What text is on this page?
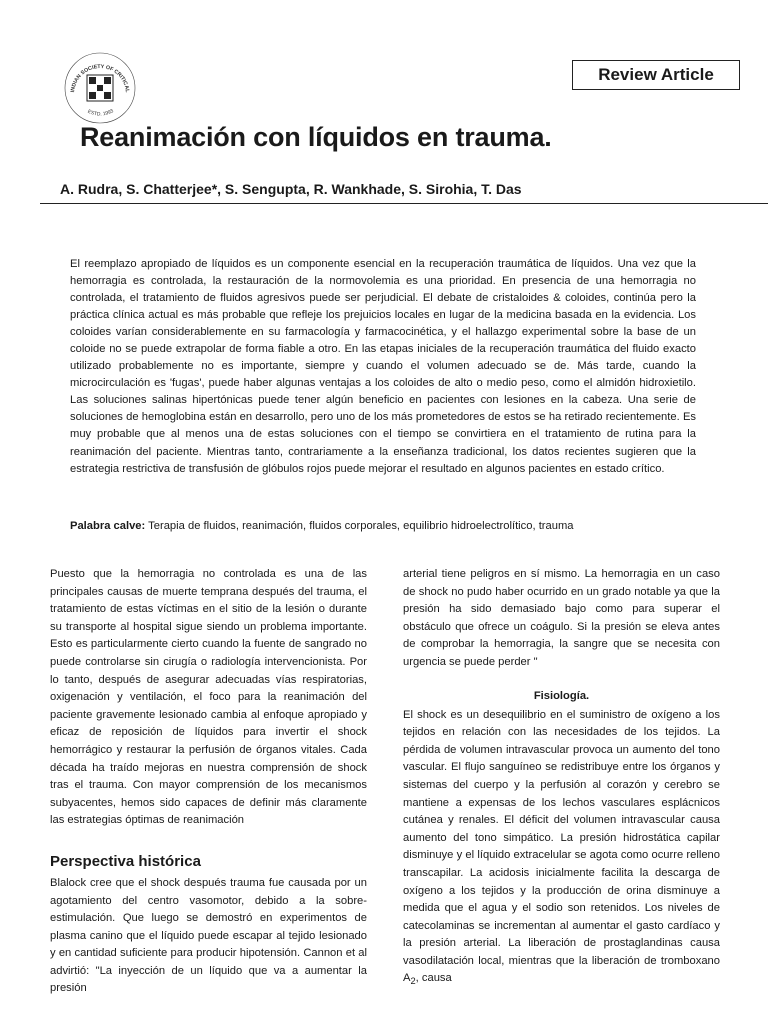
INDIAN SOCIETY OF CRITICAL
ESTD. 1993
Review Article
Reanimación con líquidos en trauma.
A. Rudra, S. Chatterjee*, S. Sengupta, R. Wankhade, S. Sirohia, T. Das

El reemplazo apropiado de líquidos es un componente esencial en la recuperación traumática de líquidos. Una vez que la hemorragia es controlada, la restauración de la normovolemia es una prioridad. En presencia de una hemorragia no controlada, el tratamiento de fluidos agresivos puede ser perjudicial. El debate de cristaloides & coloides, continúa pero la práctica clínica actual es más probable que refleje los prejuicios locales en lugar de la medicina basada en la evidencia. Los coloides varían considerablemente en su farmacología y farmacocinética, y el hallazgo experimental sobre la base de un coloide no se puede extrapolar de forma fiable a otro. En las etapas iniciales de la recuperación traumática del fluido exacto utilizado probablemente no es importante, siempre y cuando el volumen adecuado se de. Más tarde, cuando la microcirculación es 'fugas', puede haber algunas ventajas a los coloides de alto o medio peso, como el almidón hidroxietilo. Las soluciones salinas hipertónicas puede tener algún beneficio en pacientes con lesiones en la cabeza. Una serie de soluciones de hemoglobina están en desarrollo, pero uno de los más prometedores de estos se ha retirado recientemente. Es muy probable que al menos una de estas soluciones con el tiempo se convirtiera en el tratamiento de rutina para la reanimación del paciente. Mientras tanto, contrariamente a la enseñanza tradicional, los datos recientes sugieren que la estrategia restrictiva de transfusión de glóbulos rojos puede mejorar el resultado en algunos pacientes en estado crítico.

Palabra calve: Terapia de fluidos, reanimación, fluidos corporales, equilibrio hidroelectrolítico, trauma

Puesto que la hemorragia no controlada es una de las principales causas de muerte temprana después del trauma, el tratamiento de estas víctimas en el sitio de la lesión o durante su transporte al hospital sigue siendo un problema importante. Esto es particularmente cierto cuando la fuente de sangrado no puede controlarse sin cirugía o radiología intervencionista. Por lo tanto, después de asegurar adecuadas vías respiratorias, oxigenación y ventilación, el foco para la reanimación del paciente gravemente lesionado cambia al enfoque apropiado y eficaz de reposición de líquidos para invertir el shock hemorrágico y restaurar la perfusión de órganos vitales. Cada década ha traído mejoras en nuestra comprensión de shock tras el trauma. Con mayor comprensión de los mecanismos subyacentes, hemos sido capaces de definir más claramente las estrategias óptimas de reanimación

Perspectiva histórica

Blalock cree que el shock después trauma fue causada por un agotamiento del centro vasomotor, debido a la sobre-estimulación. Que luego se demostró en experimentos de plasma canino que el líquido puede escapar al tejido lesionado y en cantidad suficiente para producir hipotensión. Cannon et al advirtió: "La inyección de un líquido que va a aumentar la presión

arterial tiene peligros en sí mismo. La hemorragia en un caso de shock no pudo haber ocurrido en un grado notable ya que la presión ha sido demasiado bajo como para superar el obstáculo que ofrece un coágulo. Si la presión se eleva antes de comprobar la hemorragia, la sangre que se necesita con urgencia se puede perder "

Fisiología.

El shock es un desequilibrio en el suministro de oxígeno a los tejidos en relación con las necesidades de los tejidos. La pérdida de volumen intravascular provoca un aumento del tono vascular. El flujo sanguíneo se redistribuye entre los órganos y sistemas del cuerpo y la perfusión al corazón y cerebro se mantiene a expensas de los lechos vasculares esplácnicos cutánea y renales. El déficit del volumen intravascular causa aumento del tono simpático. La presión hidrostática capilar disminuye y el líquido extracelular se agota como ocurre relleno transcapilar. La acidosis inicialmente facilita la descarga de oxígeno a los tejidos y la producción de orina disminuye a medida que el agua y el sodio son retenidos. Los niveles de catecolaminas se incrementan al aumentar el gasto cardíaco y la presión arterial. La liberación de prostaglandinas causa vasodilatación local, mientras que la liberación de tromboxano $A_2$, causa
